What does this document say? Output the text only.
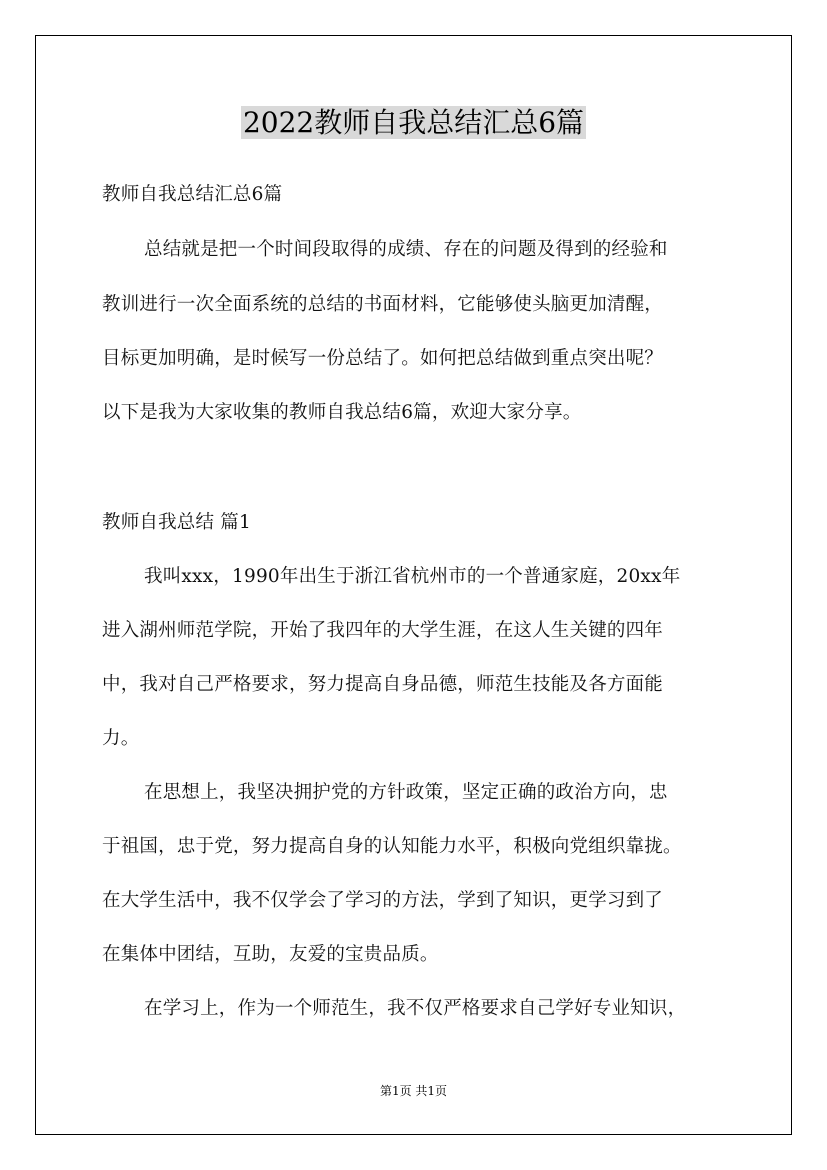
2022教师自我总结汇总6篇
教师自我总结汇总6篇
总结就是把一个时间段取得的成绩、存在的问题及得到的经验和
教训进行一次全面系统的总结的书面材料，它能够使头脑更加清醒，
目标更加明确，是时候写一份总结了。如何把总结做到重点突出呢？
以下是我为大家收集的教师自我总结6篇，欢迎大家分享。
教师自我总结 篇1
我叫xxx，1990年出生于浙江省杭州市的一个普通家庭，20xx年
进入湖州师范学院，开始了我四年的大学生涯，在这人生关键的四年
中，我对自己严格要求，努力提高自身品德，师范生技能及各方面能
力。
在思想上，我坚决拥护党的方针政策，坚定正确的政治方向，忠
于祖国，忠于党，努力提高自身的认知能力水平，积极向党组织靠拢。
在大学生活中，我不仅学会了学习的方法，学到了知识，更学习到了
在集体中团结，互助，友爱的宝贵品质。
在学习上，作为一个师范生，我不仅严格要求自己学好专业知识，
第1页 共1页
